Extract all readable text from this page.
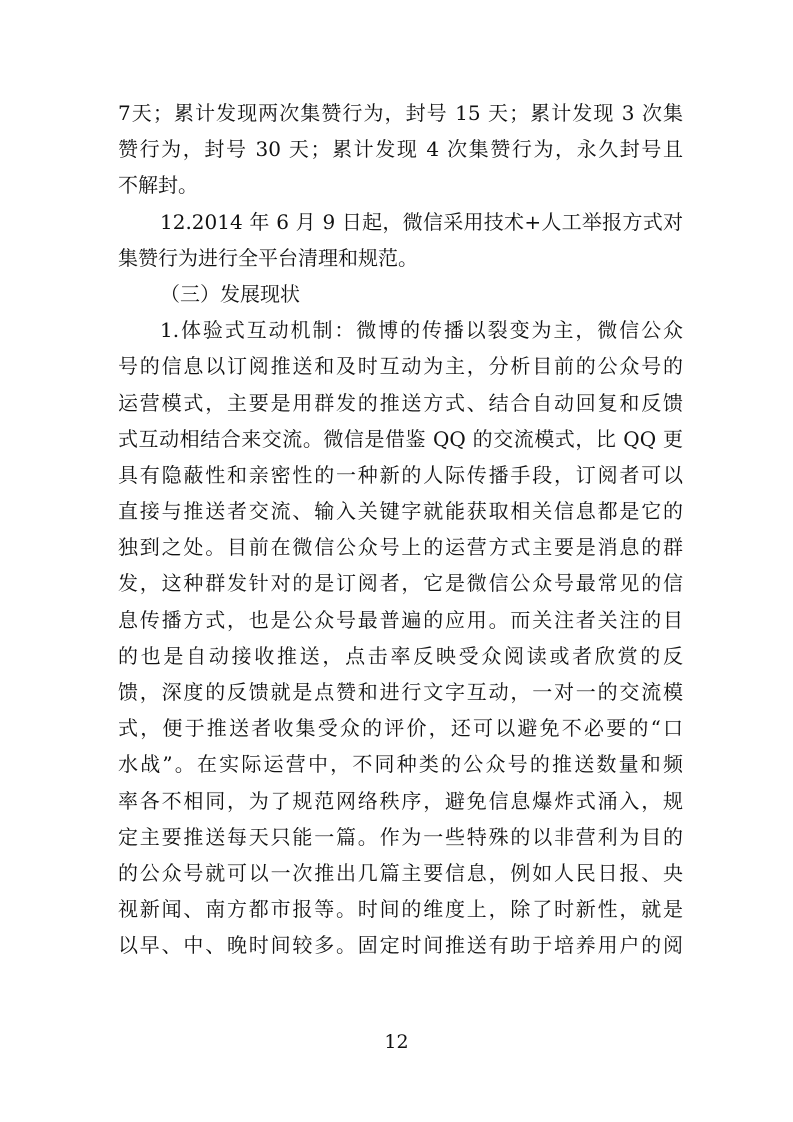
7天；累计发现两次集赞行为，封号 15 天；累计发现 3 次集
赞行为，封号 30 天；累计发现 4 次集赞行为，永久封号且
不解封。
12.2014 年 6 月 9 日起，微信采用技术+人工举报方式对
集赞行为进行全平台清理和规范。
（三）发展现状
1.体验式互动机制：微博的传播以裂变为主，微信公众
号的信息以订阅推送和及时互动为主，分析目前的公众号的
运营模式，主要是用群发的推送方式、结合自动回复和反馈
式互动相结合来交流。微信是借鉴 QQ 的交流模式，比 QQ 更
具有隐蔽性和亲密性的一种新的人际传播手段，订阅者可以
直接与推送者交流、输入关键字就能获取相关信息都是它的
独到之处。目前在微信公众号上的运营方式主要是消息的群
发，这种群发针对的是订阅者，它是微信公众号最常见的信
息传播方式，也是公众号最普遍的应用。而关注者关注的目
的也是自动接收推送，点击率反映受众阅读或者欣赏的反
馈，深度的反馈就是点赞和进行文字互动，一对一的交流模
式，便于推送者收集受众的评价，还可以避免不必要的“口
水战”。在实际运营中，不同种类的公众号的推送数量和频
率各不相同，为了规范网络秩序，避免信息爆炸式涌入，规
定主要推送每天只能一篇。作为一些特殊的以非营利为目的
的公众号就可以一次推出几篇主要信息，例如人民日报、央
视新闻、南方都市报等。时间的维度上，除了时新性，就是
以早、中、晚时间较多。固定时间推送有助于培养用户的阅
12
